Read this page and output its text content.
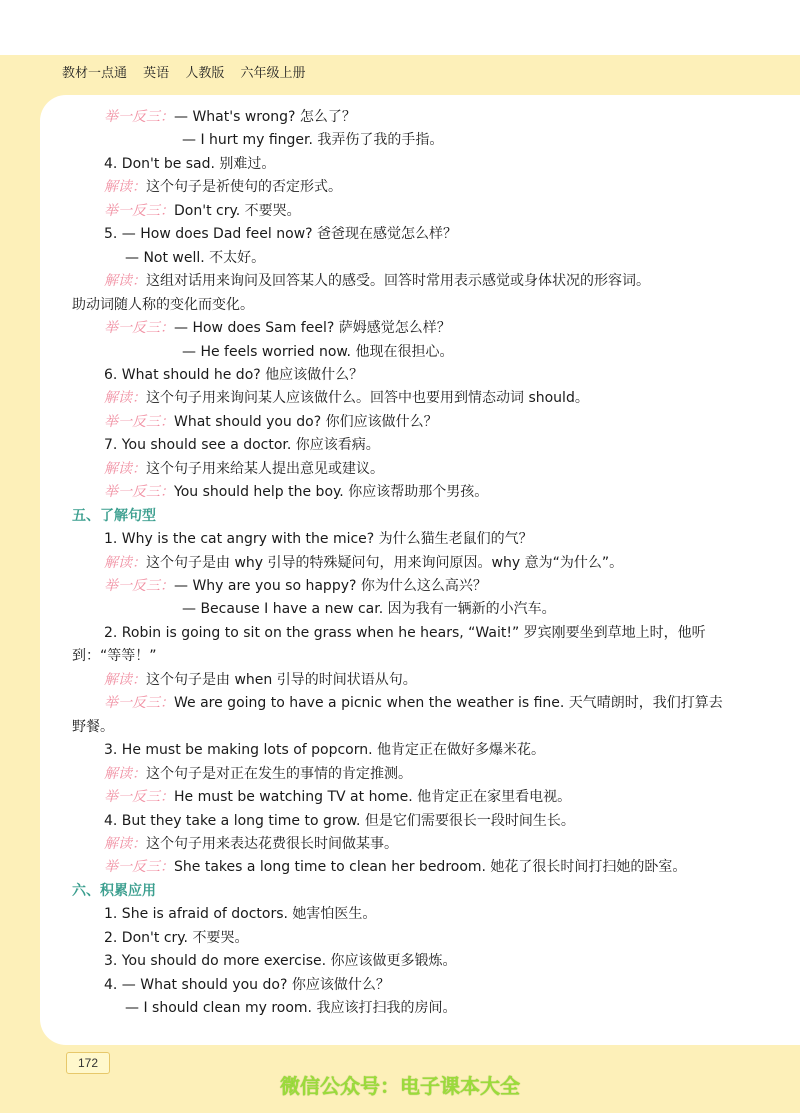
教材一点通 英语 人教版 六年级上册
举一反三：— What's wrong? 怎么了？
— I hurt my finger. 我弄伤了我的手指。
4. Don't be sad. 别难过。
解读：这个句子是祈使句的否定形式。
举一反三：Don't cry. 不要哭。
5. — How does Dad feel now? 爸爸现在感觉怎么样？
— Not well. 不太好。
解读：这组对话用来询问及回答某人的感受。回答时常用表示感觉或身体状况的形容词。
助动词随人称的变化而变化。
举一反三：— How does Sam feel? 萨姆感觉怎么样？
— He feels worried now. 他现在很担心。
6. What should he do? 他应该做什么？
解读：这个句子用来询问某人应该做什么。回答中也要用到情态动词 should。
举一反三：What should you do? 你们应该做什么？
7. You should see a doctor. 你应该看病。
解读：这个句子用来给某人提出意见或建议。
举一反三：You should help the boy. 你应该帮助那个男孩。
五、了解句型
1. Why is the cat angry with the mice? 为什么猫生老鼠们的气？
解读：这个句子是由 why 引导的特殊疑问句，用来询问原因。why 意为“为什么”。
举一反三：— Why are you so happy? 你为什么这么高兴？
— Because I have a new car. 因为我有一辆新的小汽车。
2. Robin is going to sit on the grass when he hears, “Wait!” 罗宾刚要坐到草地上时，他听
到：“等等！”
解读：这个句子是由 when 引导的时间状语从句。
举一反三：We are going to have a picnic when the weather is fine. 天气晴朗时，我们打算去
野餐。
3. He must be making lots of popcorn. 他肯定正在做好多爆米花。
解读：这个句子是对正在发生的事情的肯定推测。
举一反三：He must be watching TV at home. 他肯定正在家里看电视。
4. But they take a long time to grow. 但是它们需要很长一段时间生长。
解读：这个句子用来表达花费很长时间做某事。
举一反三：She takes a long time to clean her bedroom. 她花了很长时间打扫她的卧室。
六、积累应用
1. She is afraid of doctors. 她害怕医生。
2. Don't cry. 不要哭。
3. You should do more exercise. 你应该做更多锻炼。
4. — What should you do? 你应该做什么？
— I should clean my room. 我应该打扫我的房间。
172
微信公众号：电子课本大全
